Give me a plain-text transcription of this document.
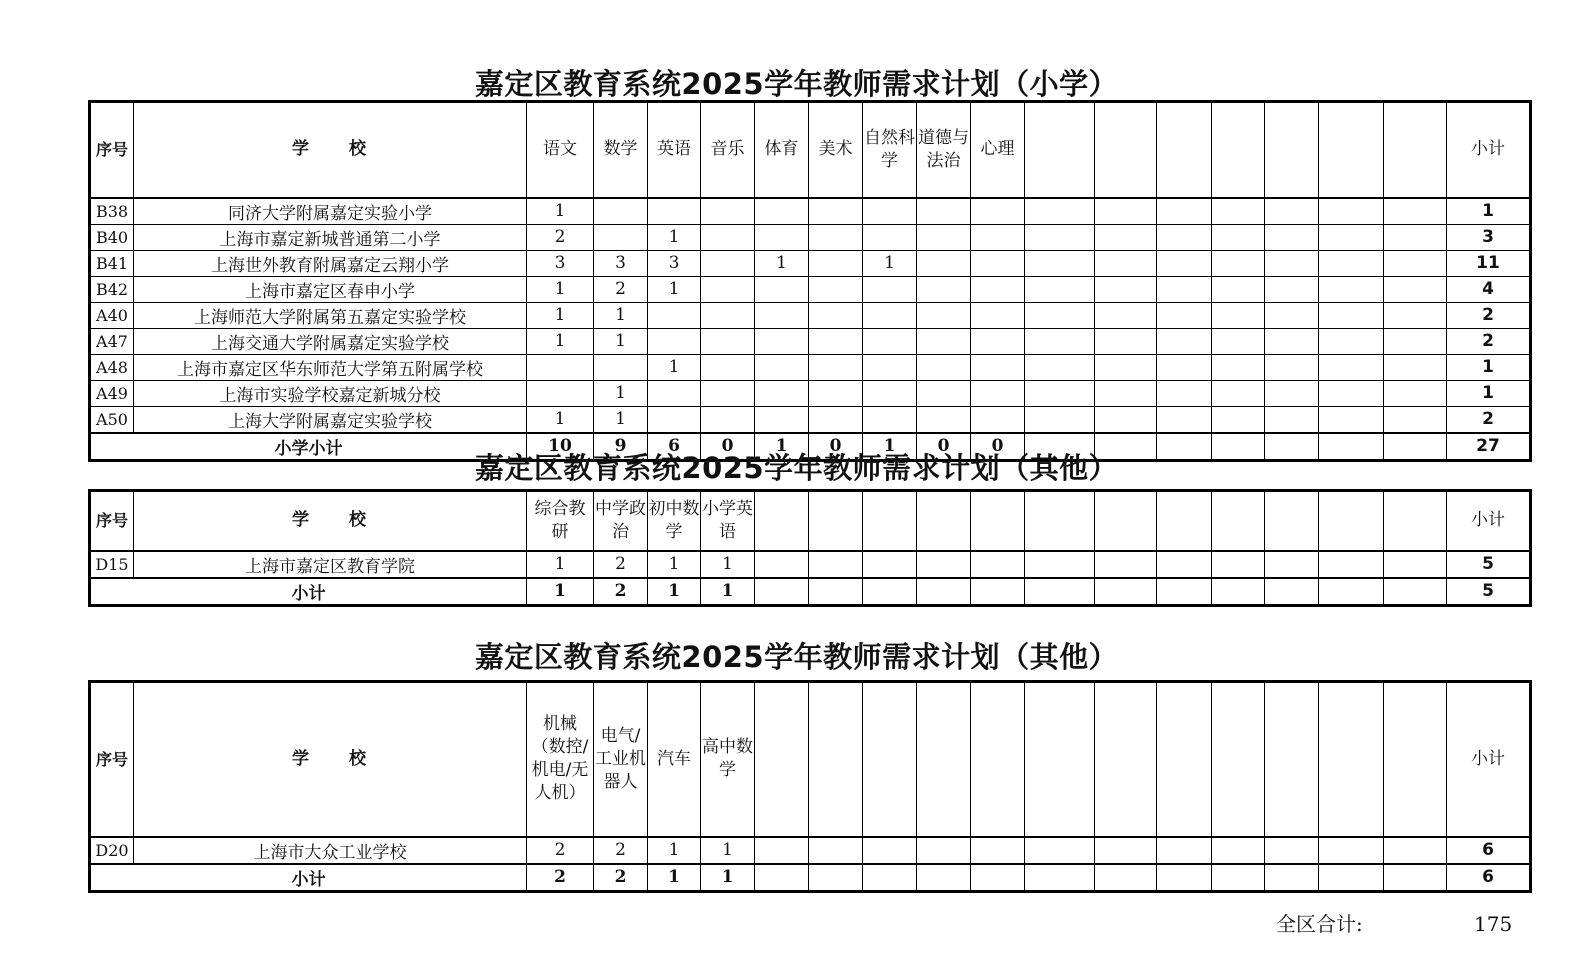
嘉定区教育系统2025学年教师需求计划（小学）
序号	学　　校	语文	数学	英语	音乐	体育	美术	自然科学	道德与法治	心理								小计
B38	同济大学附属嘉定实验小学	1																1
B40	上海市嘉定新城普通第二小学	2		1														3
B41	上海世外教育附属嘉定云翔小学	3	3	3		1		1										11
B42	上海市嘉定区春申小学	1	2	1														4
A40	上海师范大学附属第五嘉定实验学校	1	1															2
A47	上海交通大学附属嘉定实验学校	1	1															2
A48	上海市嘉定区华东师范大学第五附属学校			1														1
A49	上海市实验学校嘉定新城分校		1															1
A50	上海大学附属嘉定实验学校	1	1															2
小学小计		10	9	6	0	1	0	1	0	0								27
嘉定区教育系统2025学年教师需求计划（其他）
序号	学　　校	综合教研	中学政治	初中数学	小学英语													小计
D15	上海市嘉定区教育学院	1	2	1	1													5
小计		1	2	1	1													5
嘉定区教育系统2025学年教师需求计划（其他）
序号	学　　校	机械（数控/机电/无人机）	电气/工业机器人	汽车	高中数学													小计
D20	上海市大众工业学校	2	2	1	1													6
小计		2	2	1	1													6
全区合计:	175
